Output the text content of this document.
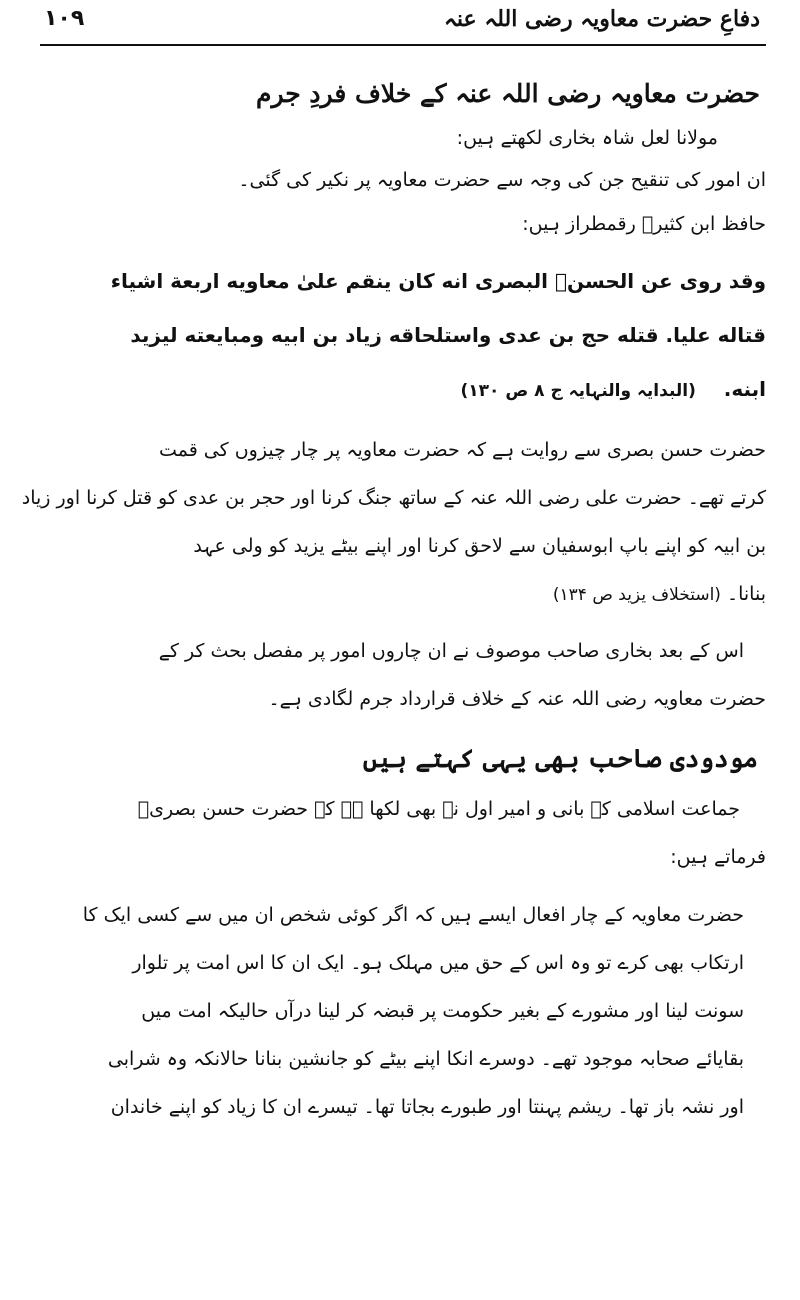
دفاعِ حضرت معاویہ رضی اللہ عنہ
۱۰۹
حضرت معاویہ رضی اللہ عنہ کے خلاف فردِ جرم

مولانا لعل شاہ بخاری لکھتے ہیں:
ان امور کی تنقیح جن کی وجہ سے حضرت معاویہ پر نکیر کی گئی۔
حافظ ابن کثیرؒ رقمطراز ہیں:

وقد روی عن الحسنؒ البصری انه کان ینقم علیٰ معاویه اربعة اشیاء
قتاله علیا. قتله حج بن عدی واستلحاقه زیاد بن ابیه ومبایعته لیزید
ابنه.    (البدایہ والنہایہ ج ۸ ص ۱۳۰)

حضرت حسن بصری سے روایت ہے کہ حضرت معاویہ پر چار چیزوں کی قمت
کرتے تھے۔ حضرت علی رضی اللہ عنہ کے ساتھ جنگ کرنا اور حجر بن عدی کو قتل کرنا اور زیاد
بن ابیہ کو اپنے باپ ابوسفیان سے لاحق کرنا اور اپنے بیٹے یزید کو ولی عہد
بنانا۔ (استخلاف یزید ص ۱۳۴)

اس کے بعد بخاری صاحب موصوف نے ان چاروں امور پر مفصل بحث کر کے
حضرت معاویہ رضی اللہ عنہ کے خلاف قرارداد جرم لگادی ہے۔

مودودی صاحب بھی یہی کہتے ہیں

جماعت اسلامی کے بانی و امیر اول نے بھی لکھا ہے کہ حضرت حسن بصریؒ
فرماتے ہیں:

حضرت معاویہ کے چار افعال ایسے ہیں کہ اگر کوئی شخص ان میں سے کسی ایک کا
ارتکاب بھی کرے تو وہ اس کے حق میں مہلک ہو۔ ایک ان کا اس امت پر تلوار
سونت لینا اور مشورے کے بغیر حکومت پر قبضہ کر لینا درآں حالیکہ امت میں
بقایائے صحابہ موجود تھے۔ دوسرے انکا اپنے بیٹے کو جانشین بنانا حالانکہ وہ شرابی
اور نشہ باز تھا۔ ریشم پہنتا اور طبورے بجاتا تھا۔ تیسرے ان کا زیاد کو اپنے خاندان
